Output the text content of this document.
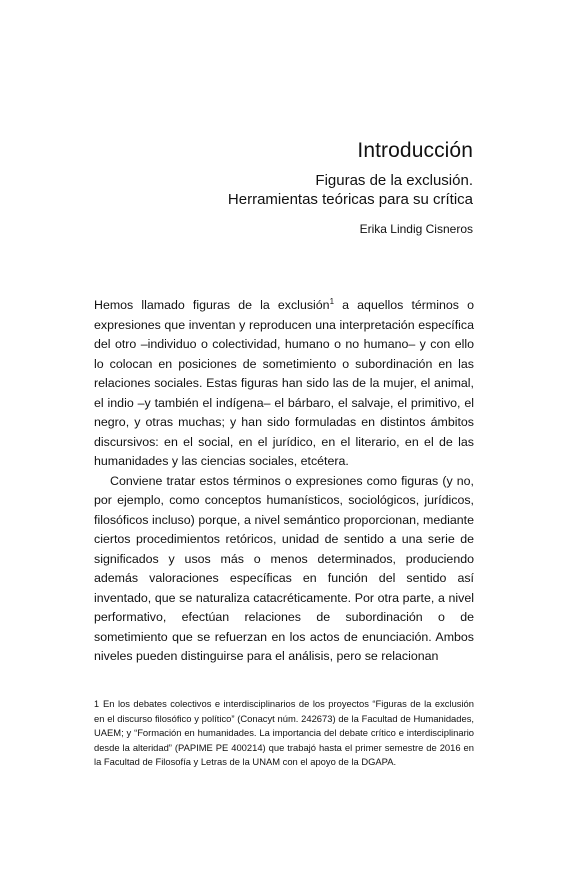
Introducción

Figuras de la exclusión.

Herramientas teóricas para su crítica

Erika Lindig Cisneros

Hemos llamado figuras de la exclusión$^1$ a aquellos términos o expresiones que inventan y reproducen una interpretación específica del otro –individuo o colectividad, humano o no humano– y con ello lo colocan en posiciones de sometimiento o subordinación en las relaciones sociales. Estas figuras han sido las de la mujer, el animal, el indio –y también el indígena– el bárbaro, el salvaje, el primitivo, el negro, y otras muchas; y han sido formuladas en distintos ámbitos discursivos: en el social, en el jurídico, en el literario, en el de las humanidades y las ciencias sociales, etcétera.

Conviene tratar estos términos o expresiones como figuras (y no, por ejemplo, como conceptos humanísticos, sociológicos, jurídicos, filosóficos incluso) porque, a nivel semántico proporcionan, mediante ciertos procedimientos retóricos, unidad de sentido a una serie de significados y usos más o menos determinados, produciendo además valoraciones específicas en función del sentido así inventado, que se naturaliza catacréticamente. Por otra parte, a nivel performativo, efectúan relaciones de subordinación o de sometimiento que se refuerzan en los actos de enunciación. Ambos niveles pueden distinguirse para el análisis, pero se relacionan

1 En los debates colectivos e interdisciplinarios de los proyectos “Figuras de la exclusión en el discurso filosófico y político” (Conacyt núm. 242673) de la Facultad de Humanidades, UAEM; y “Formación en humanidades. La importancia del debate crítico e interdisciplinario desde la alteridad” (PAPIME PE 400214) que trabajó hasta el primer semestre de 2016 en la Facultad de Filosofía y Letras de la UNAM con el apoyo de la DGAPA.
